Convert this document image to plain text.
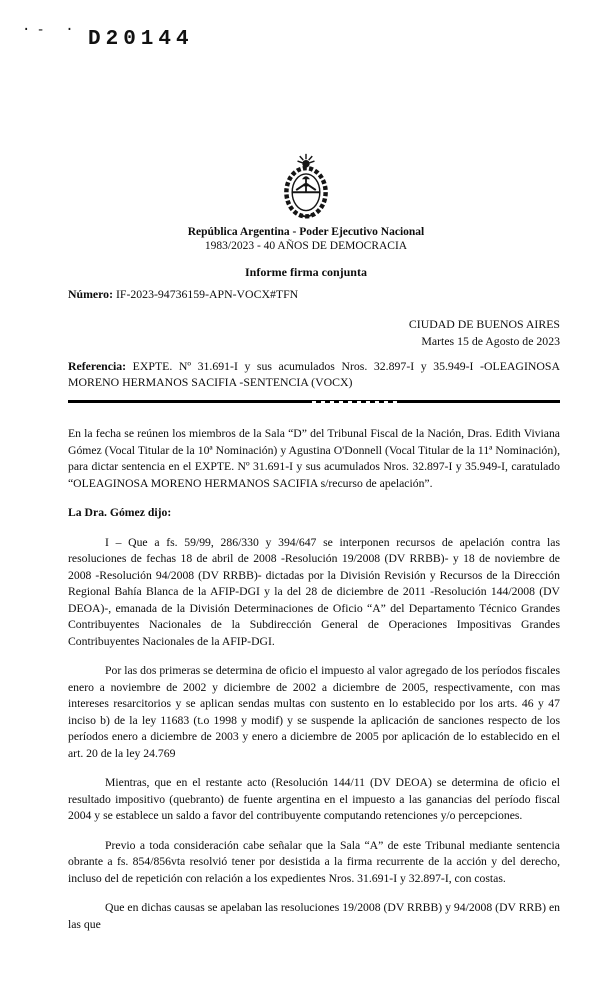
·‑ · D20144
República Argentina - Poder Ejecutivo Nacional
1983/2023 - 40 AÑOS DE DEMOCRACIA
Informe firma conjunta
Número: IF-2023-94736159-APN-VOCX#TFN
CIUDAD DE BUENOS AIRES
Martes 15 de Agosto de 2023
Referencia: EXPTE. Nº 31.691-I y sus acumulados Nros. 32.897-I y 35.949-I -OLEAGINOSA MORENO HERMANOS SACIFIA -SENTENCIA (VOCX)

En la fecha se reúnen los miembros de la Sala “D” del Tribunal Fiscal de la Nación, Dras. Edith Viviana Gómez (Vocal Titular de la 10ª Nominación) y Agustina O'Donnell (Vocal Titular de la 11ª Nominación), para dictar sentencia en el EXPTE. Nº 31.691-I y sus acumulados Nros. 32.897-I y 35.949-I, caratulado “OLEAGINOSA MORENO HERMANOS SACIFIA s/recurso de apelación”.

La Dra. Gómez dijo:

I – Que a fs. 59/99, 286/330 y 394/647 se interponen recursos de apelación contra las resoluciones de fechas 18 de abril de 2008 -Resolución 19/2008 (DV RRBB)- y 18 de noviembre de 2008 -Resolución 94/2008 (DV RRBB)- dictadas por la División Revisión y Recursos de la Dirección Regional Bahía Blanca de la AFIP-DGI y la del 28 de diciembre de 2011 -Resolución 144/2008 (DV DEOA)-, emanada de la División Determinaciones de Oficio “A” del Departamento Técnico Grandes Contribuyentes Nacionales de la Subdirección General de Operaciones Impositivas Grandes Contribuyentes Nacionales de la AFIP-DGI.

Por las dos primeras se determina de oficio el impuesto al valor agregado de los períodos fiscales enero a noviembre de 2002 y diciembre de 2002 a diciembre de 2005, respectivamente, con mas intereses resarcitorios y se aplican sendas multas con sustento en lo establecido por los arts. 46 y 47 inciso b) de la ley 11683 (t.o 1998 y modif) y se suspende la aplicación de sanciones respecto de los períodos enero a diciembre de 2003 y enero a diciembre de 2005 por aplicación de lo establecido en el art. 20 de la ley 24.769

Mientras, que en el restante acto (Resolución 144/11 (DV DEOA) se determina de oficio el resultado impositivo (quebranto) de fuente argentina en el impuesto a las ganancias del período fiscal 2004 y se establece un saldo a favor del contribuyente computando retenciones y/o percepciones.

Previo a toda consideración cabe señalar que la Sala “A” de este Tribunal mediante sentencia obrante a fs. 854/856vta resolvió tener por desistida a la firma recurrente de la acción y del derecho, incluso del de repetición con relación a los expedientes Nros. 31.691-I y 32.897-I, con costas.

Que en dichas causas se apelaban las resoluciones 19/2008 (DV RRBB) y 94/2008 (DV RRB) en las que
